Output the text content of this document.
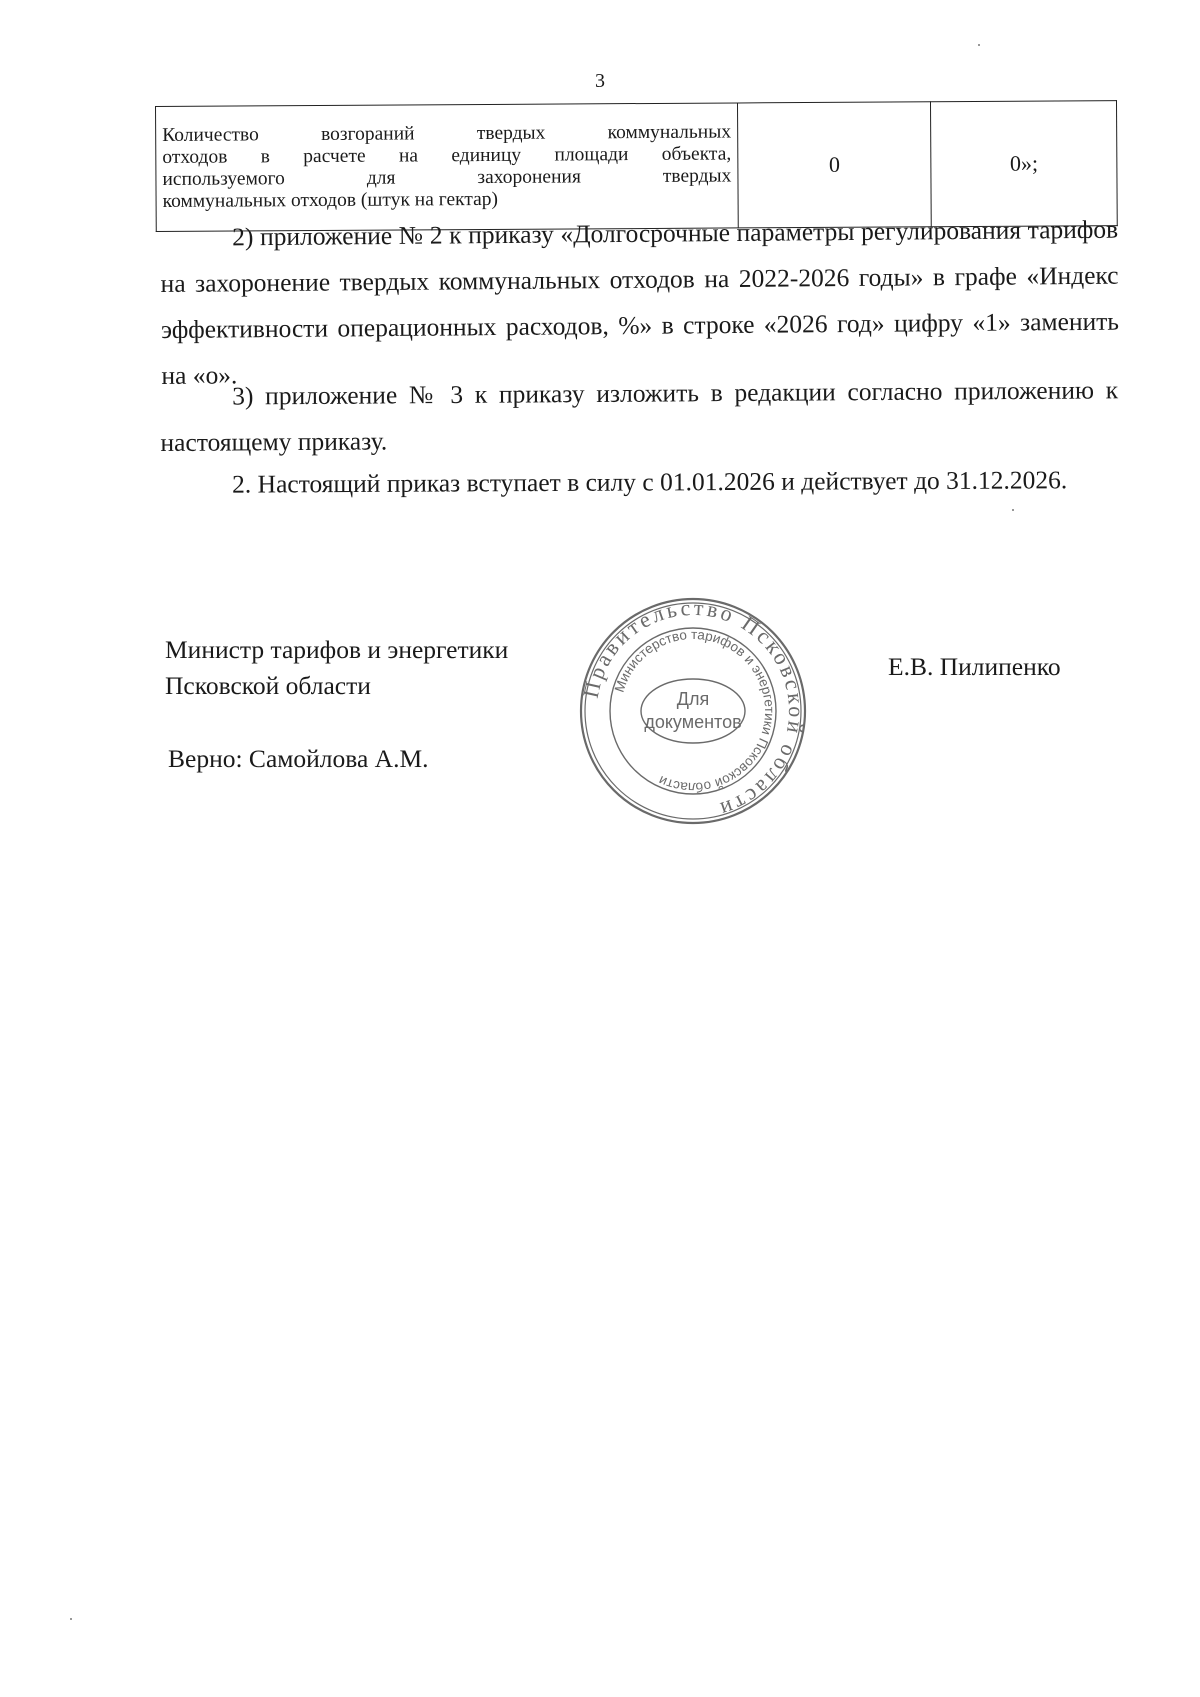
3
Количество возгораний твердых коммунальных
отходов в расчете на единицу площади объекта,
используемого для захоронения твердых
коммунальных отходов (штук на гектар)
	0	0»;

2) приложение № 2 к приказу «Долгосрочные параметры регулирования тарифов на захоронение твердых коммунальных отходов на 2022-2026 годы» в графе «Индекс эффективности операционных расходов, %» в строке «2026 год» цифру «1» заменить на «о».

3) приложение № 3 к приказу изложить в редакции согласно приложению к настоящему приказу.

2. Настоящий приказ вступает в силу с 01.01.2026 и действует до 31.12.2026.

Министр тарифов и энергетики
Псковской области
Е.В. Пилипенко
Верно: Самойлова А.М.
Правительство Псковской области
Министерство тарифов и энергетики Псковской области
Для
документов
